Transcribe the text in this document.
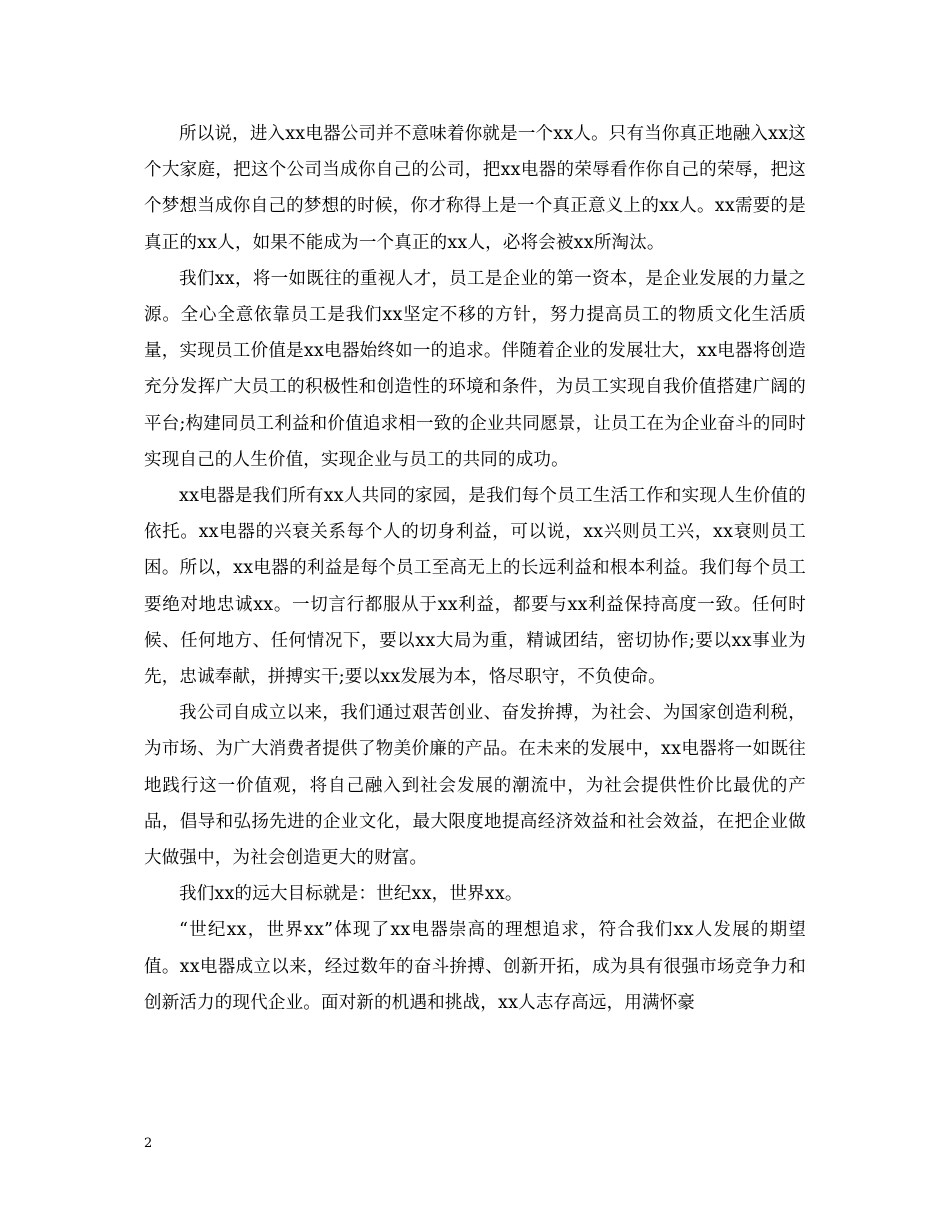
所以说，进入xx电器公司并不意味着你就是一个xx人。只有当你真正地融入xx这个大家庭，把这个公司当成你自己的公司，把xx电器的荣辱看作你自己的荣辱，把这个梦想当成你自己的梦想的时候，你才称得上是一个真正意义上的xx人。xx需要的是真正的xx人，如果不能成为一个真正的xx人，必将会被xx所淘汰。

我们xx，将一如既往的重视人才，员工是企业的第一资本，是企业发展的力量之源。全心全意依靠员工是我们xx坚定不移的方针，努力提高员工的物质文化生活质量，实现员工价值是xx电器始终如一的追求。伴随着企业的发展壮大，xx电器将创造充分发挥广大员工的积极性和创造性的环境和条件，为员工实现自我价值搭建广阔的平台;构建同员工利益和价值追求相一致的企业共同愿景，让员工在为企业奋斗的同时实现自己的人生价值，实现企业与员工的共同的成功。

xx电器是我们所有xx人共同的家园，是我们每个员工生活工作和实现人生价值的依托。xx电器的兴衰关系每个人的切身利益，可以说，xx兴则员工兴，xx衰则员工困。所以，xx电器的利益是每个员工至高无上的长远利益和根本利益。我们每个员工要绝对地忠诚xx。一切言行都服从于xx利益，都要与xx利益保持高度一致。任何时候、任何地方、任何情况下，要以xx大局为重，精诚团结，密切协作;要以xx事业为先，忠诚奉献，拼搏实干;要以xx发展为本，恪尽职守，不负使命。

我公司自成立以来，我们通过艰苦创业、奋发拚搏，为社会、为国家创造利税，为市场、为广大消费者提供了物美价廉的产品。在未来的发展中，xx电器将一如既往地践行这一价值观，将自己融入到社会发展的潮流中，为社会提供性价比最优的产品，倡导和弘扬先进的企业文化，最大限度地提高经济效益和社会效益，在把企业做大做强中，为社会创造更大的财富。

我们xx的远大目标就是：世纪xx，世界xx。

“世纪xx，世界xx”体现了xx电器崇高的理想追求，符合我们xx人发展的期望值。xx电器成立以来，经过数年的奋斗拚搏、创新开拓，成为具有很强市场竞争力和创新活力的现代企业。面对新的机遇和挑战，xx人志存高远，用满怀豪

2
